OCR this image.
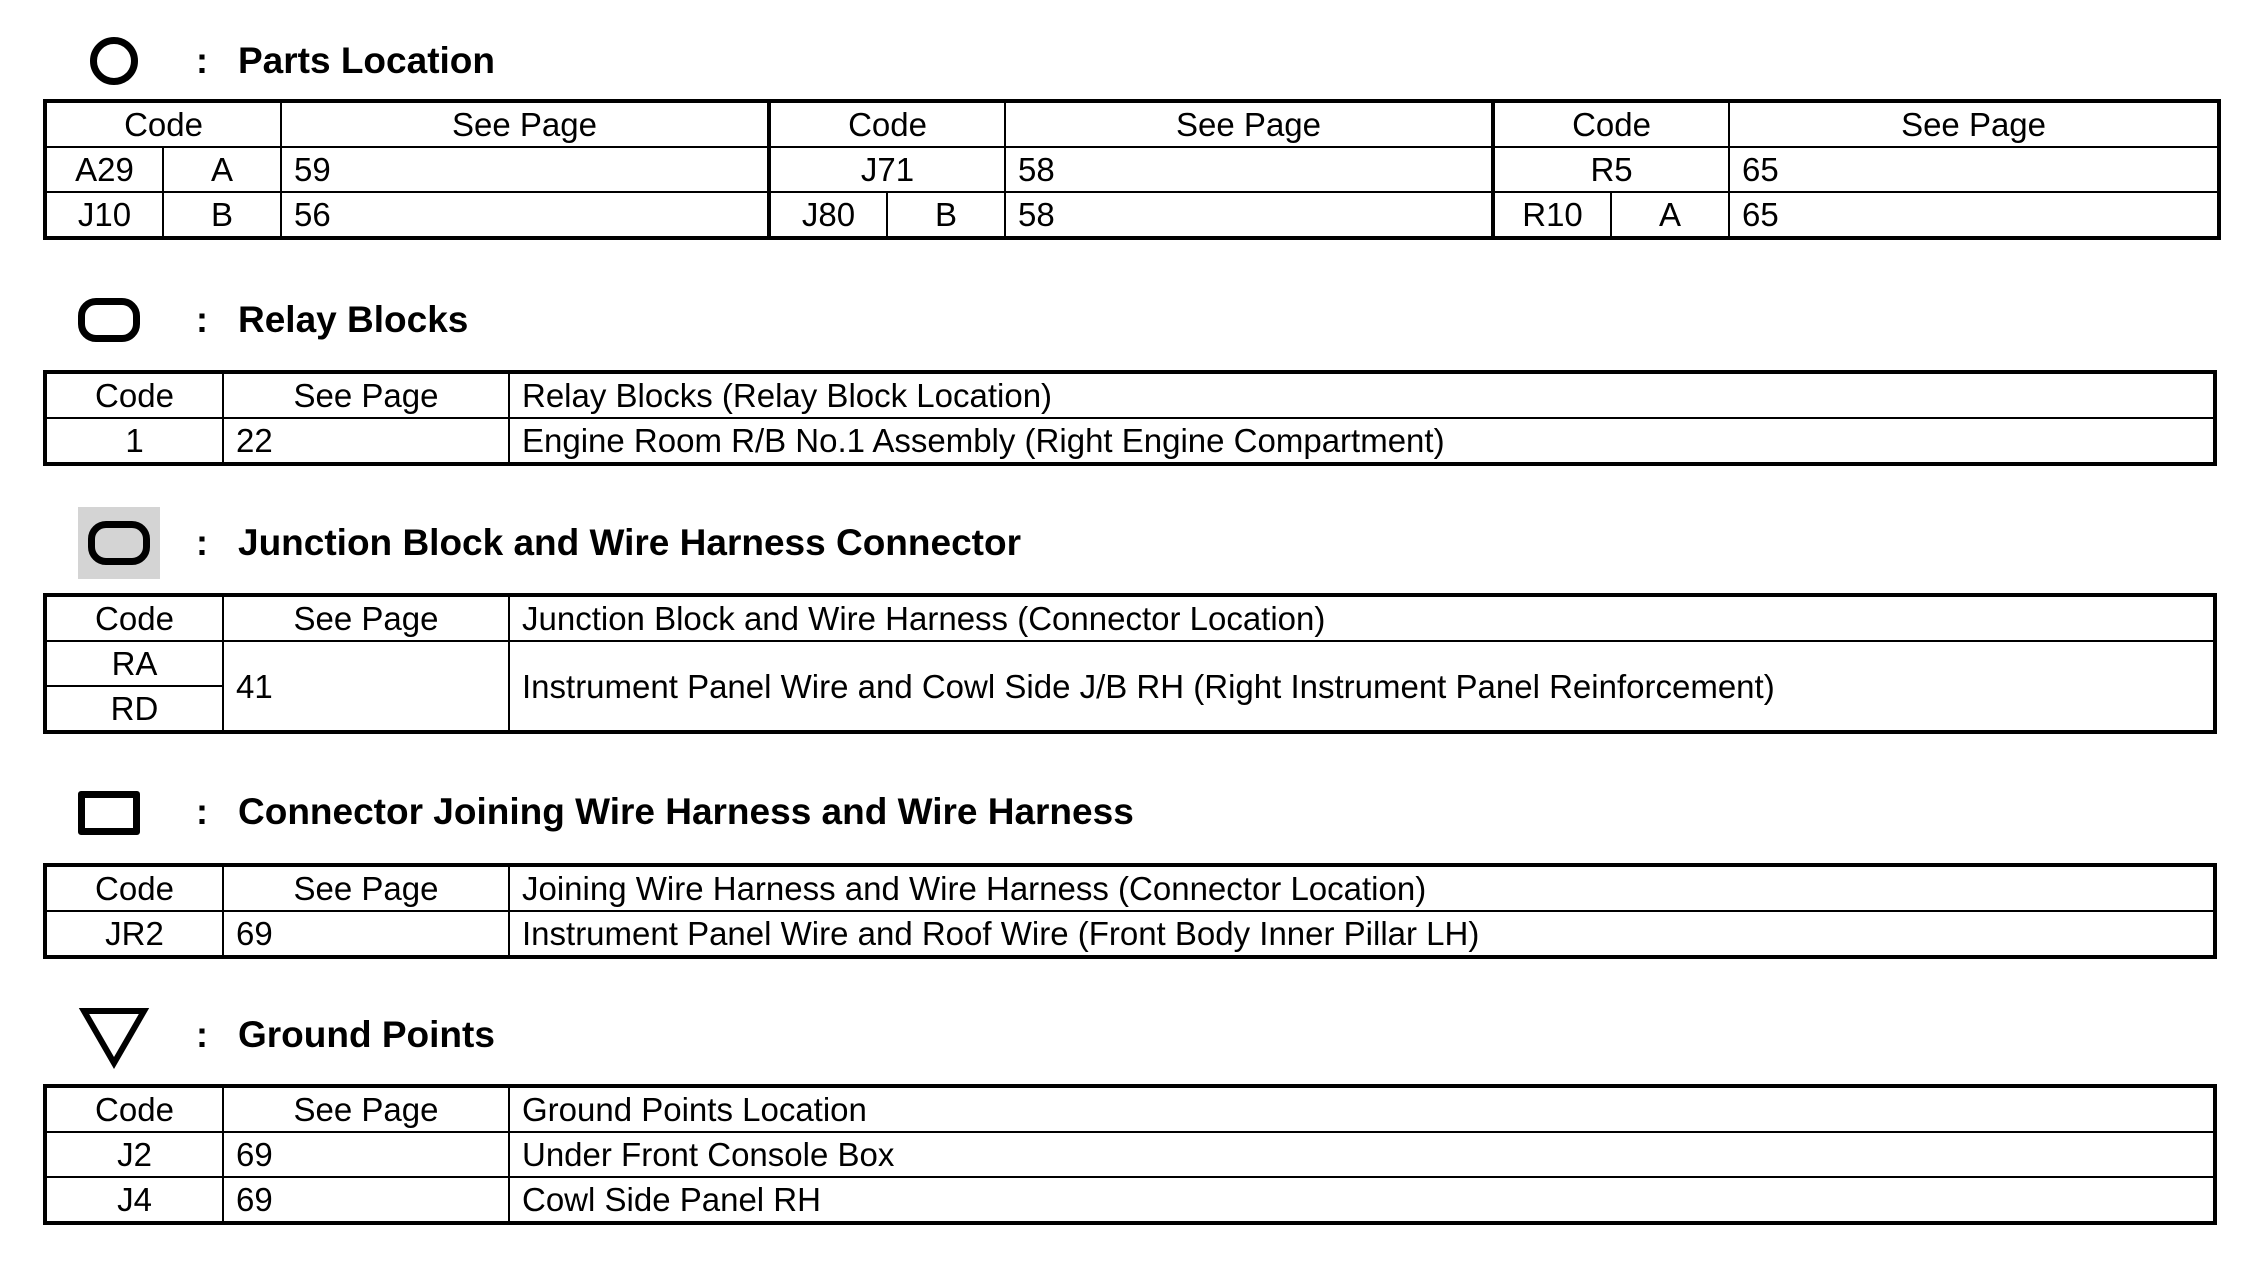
: Parts Location
Code		See Page	Code		See Page	Code		See Page
A29	A	59	J71		58	R5		65
J10	B	56	J80	B	58	R10	A	65
: Relay Blocks
Code	See Page	Relay Blocks (Relay Block Location)
1	22	Engine Room R/B No.1 Assembly (Right Engine Compartment)
: Junction Block and Wire Harness Connector
Code	See Page	Junction Block and Wire Harness (Connector Location)
RA	41	Instrument Panel Wire and Cowl Side J/B RH (Right Instrument Panel Reinforcement)
RD		
: Connector Joining Wire Harness and Wire Harness
Code	See Page	Joining Wire Harness and Wire Harness (Connector Location)
JR2	69	Instrument Panel Wire and Roof Wire (Front Body Inner Pillar LH)
: Ground Points
Code	See Page	Ground Points Location
J2	69	Under Front Console Box
J4	69	Cowl Side Panel RH
